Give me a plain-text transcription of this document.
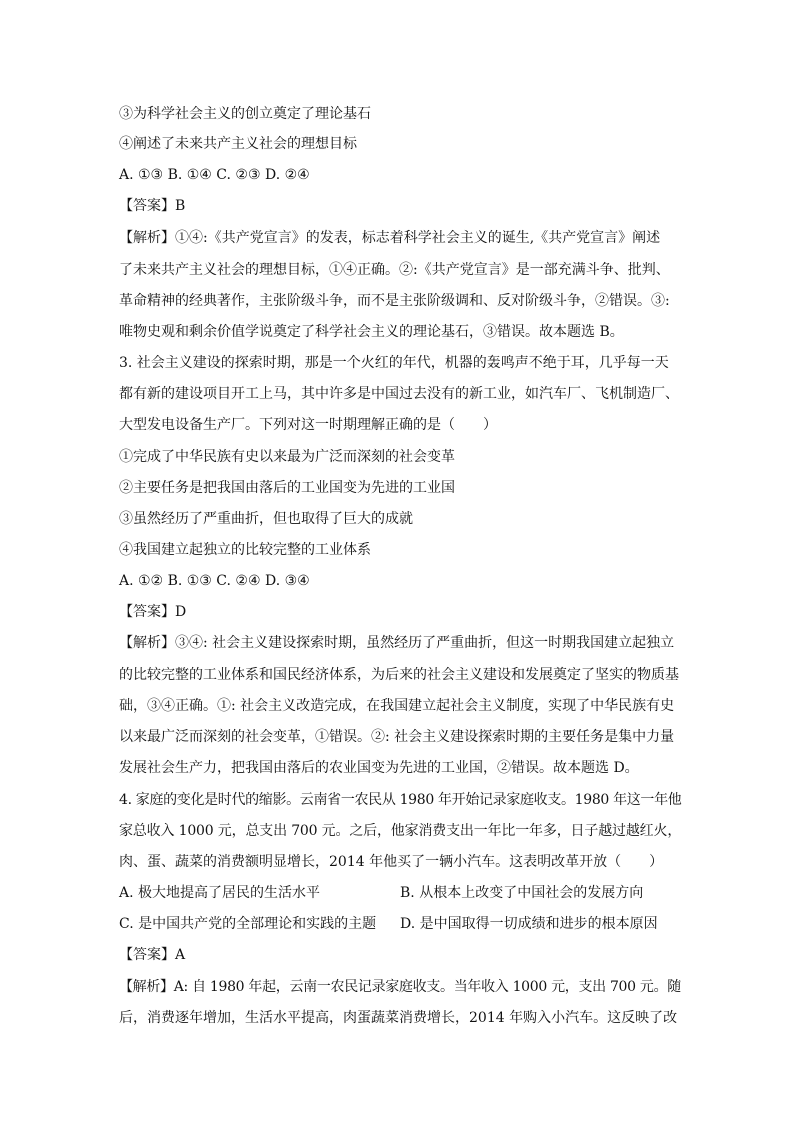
③为科学社会主义的创立奠定了理论基石
④阐述了未来共产主义社会的理想目标
A. ①③ B. ①④ C. ②③ D. ②④
【答案】B
【解析】①④:《共产党宣言》的发表，标志着科学社会主义的诞生,《共产党宣言》阐述
了未来共产主义社会的理想目标，①④正确。②:《共产党宣言》是一部充满斗争、批判、
革命精神的经典著作，主张阶级斗争，而不是主张阶级调和、反对阶级斗争，②错误。③:
唯物史观和剩余价值学说奠定了科学社会主义的理论基石，③错误。故本题选 B。
3. 社会主义建设的探索时期，那是一个火红的年代，机器的轰鸣声不绝于耳，几乎每一天
都有新的建设项目开工上马，其中许多是中国过去没有的新工业，如汽车厂、飞机制造厂、
大型发电设备生产厂。下列对这一时期理解正确的是（　　）
①完成了中华民族有史以来最为广泛而深刻的社会变革
②主要任务是把我国由落后的工业国变为先进的工业国
③虽然经历了严重曲折，但也取得了巨大的成就
④我国建立起独立的比较完整的工业体系
A. ①② B. ①③ C. ②④ D. ③④
【答案】D
【解析】③④: 社会主义建设探索时期，虽然经历了严重曲折，但这一时期我国建立起独立
的比较完整的工业体系和国民经济体系，为后来的社会主义建设和发展奠定了坚实的物质基
础，③④正确。①: 社会主义改造完成，在我国建立起社会主义制度，实现了中华民族有史
以来最广泛而深刻的社会变革，①错误。②: 社会主义建设探索时期的主要任务是集中力量
发展社会生产力，把我国由落后的农业国变为先进的工业国，②错误。故本题选 D。
4. 家庭的变化是时代的缩影。云南省一农民从 1980 年开始记录家庭收支。1980 年这一年他
家总收入 1000 元，总支出 700 元。之后，他家消费支出一年比一年多，日子越过越红火，
肉、蛋、蔬菜的消费额明显增长，2014 年他买了一辆小汽车。这表明改革开放（　　）
A. 极大地提高了居民的生活水平	B. 从根本上改变了中国社会的发展方向
C. 是中国共产党的全部理论和实践的主题 D. 是中国取得一切成绩和进步的根本原因
【答案】A
【解析】A: 自 1980 年起，云南一农民记录家庭收支。当年收入 1000 元，支出 700 元。随
后，消费逐年增加，生活水平提高，肉蛋蔬菜消费增长，2014 年购入小汽车。这反映了改
